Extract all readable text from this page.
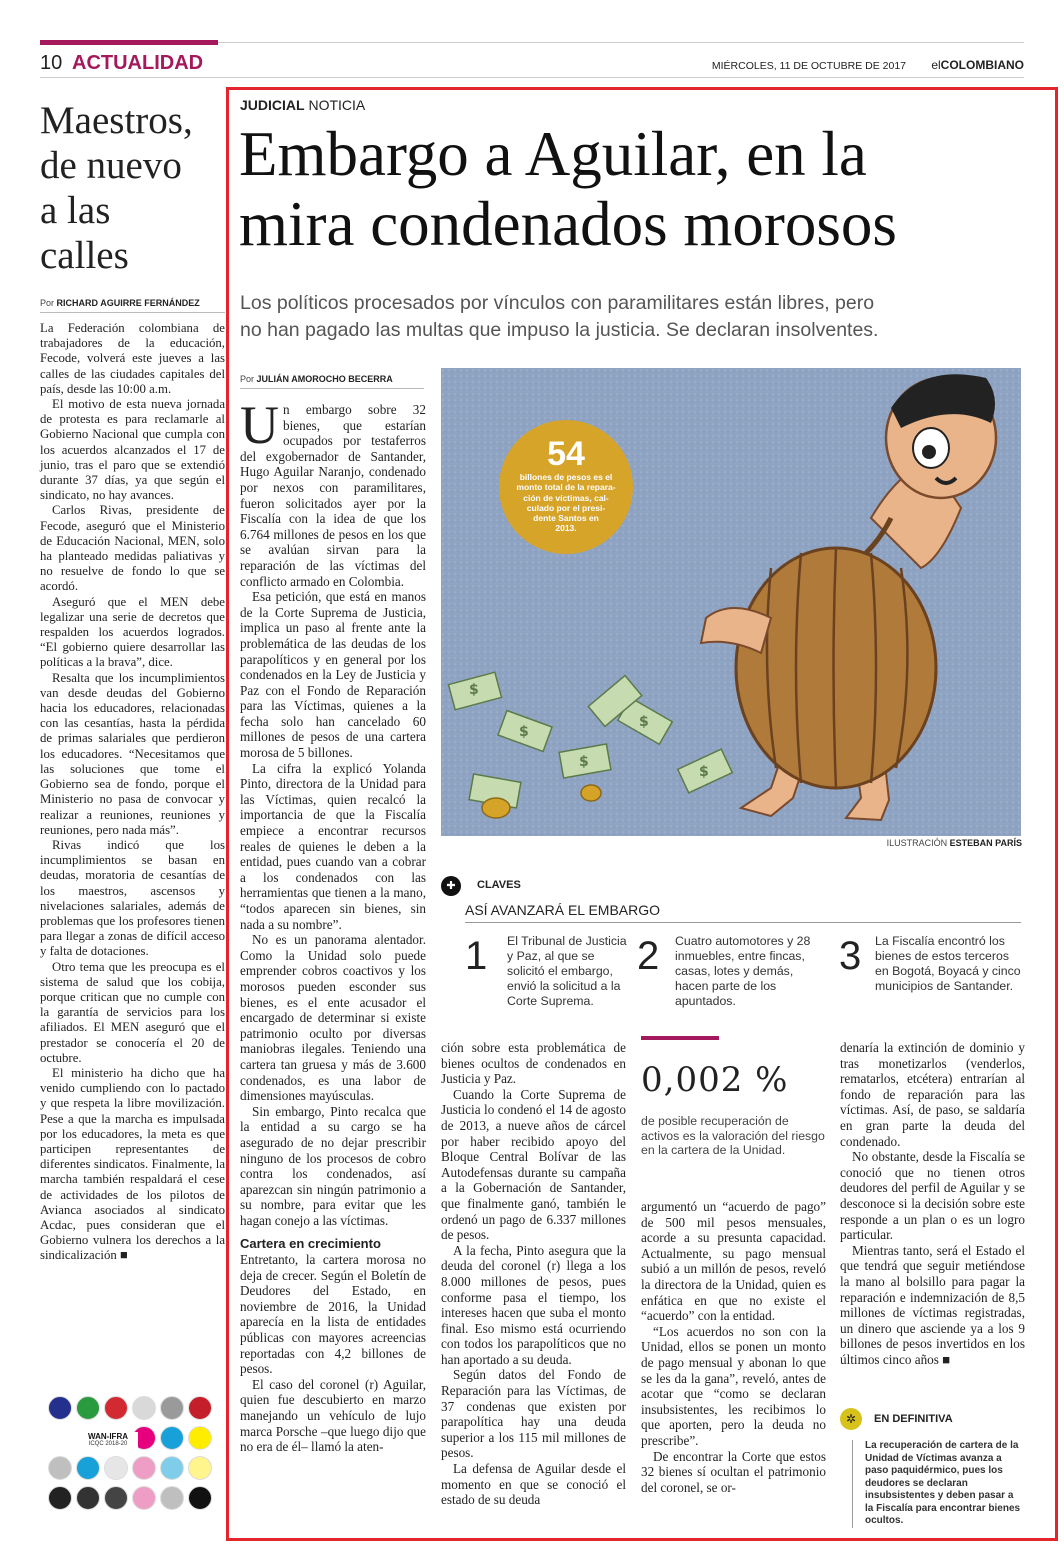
10 ACTUALIDAD	MIÉRCOLES, 11 DE OCTUBRE DE 2017 elCOLOMBIANO
Maestros,
de nuevo
a las
calles
Por RICHARD AGUIRRE FERNÁNDEZ

La Federación colombiana de trabajadores de la educación, Fecode, volverá este jueves a las calles de las ciudades capitales del país, desde las 10:00 a.m.

El motivo de esta nueva jornada de protesta es para reclamarle al Gobierno Nacional que cumpla con los acuerdos alcanzados el 17 de junio, tras el paro que se extendió durante 37 días, ya que según el sindicato, no hay avances.

Carlos Rivas, presidente de Fecode, aseguró que el Ministerio de Educación Nacional, MEN, solo ha planteado medidas paliativas y no resuelve de fondo lo que se acordó.

Aseguró que el MEN debe legalizar una serie de decretos que respalden los acuerdos logrados. “El gobierno quiere desarrollar las políticas a la brava”, dice.

Resalta que los incumplimientos van desde deudas del Gobierno hacia los educadores, relacionadas con las cesantías, hasta la pérdida de primas salariales que perdieron los educadores. “Necesitamos que las soluciones que tome el Gobierno sea de fondo, porque el Ministerio no pasa de convocar y realizar a reuniones, reuniones y reuniones, pero nada más”.

Rivas indicó que los incumplimientos se basan en deudas, moratoria de cesantías de los maestros, ascensos y nivelaciones salariales, además de problemas que los profesores tienen para llegar a zonas de difícil acceso y falta de dotaciones.

Otro tema que les preocupa es el sistema de salud que los cobija, porque critican que no cumple con la garantía de servicios para los afiliados. El MEN aseguró que el prestador se conocería el 20 de octubre.

El ministerio ha dicho que ha venido cumpliendo con lo pactado y que respeta la libre movilización. Pese a que la marcha es impulsada por los educadores, la meta es que participen representantes de diferentes sindicatos. Finalmente, la marcha también respaldará el cese de actividades de los pilotos de Avianca asociados al sindicato Acdac, pues consideran que el Gobierno vulnera los derechos a la sindicalización ■

WAN-IFRA
ICQC 2018-20
JUDICIAL NOTICIA
Embargo a Aguilar, en la
mira condenados morosos
Los políticos procesados por vínculos con paramilitares están libres, pero
no han pagado las multas que impuso la justicia. Se declaran insolventes.
Por JULIÁN AMOROCHO BECERRA
U n embargo sobre 32 bienes, que estarían ocupados por testaferros del exgobernador de Santander, Hugo Aguilar Naranjo, condenado por nexos con paramilitares, fueron solicitados ayer por la Fiscalía con la idea de que los 6.764 millones de pesos en los que se avalúan sirvan para la reparación de las víctimas del conflicto armado en Colombia.

Esa petición, que está en manos de la Corte Suprema de Justicia, implica un paso al frente ante la problemática de las deudas de los parapolíticos y en general por los condenados en la Ley de Justicia y Paz con el Fondo de Reparación para las Víctimas, quienes a la fecha solo han cancelado 60 millones de pesos de una cartera morosa de 5 billones.

La cifra la explicó Yolanda Pinto, directora de la Unidad para las Víctimas, quien recalcó la importancia de que la Fiscalía empiece a encontrar recursos reales de quienes le deben a la entidad, pues cuando van a cobrar a los condenados con las herramientas que tienen a la mano, “todos aparecen sin bienes, sin nada a su nombre”.

No es un panorama alentador. Como la Unidad solo puede emprender cobros coactivos y los morosos pueden esconder sus bienes, es el ente acusador el encargado de determinar si existe patrimonio oculto por diversas maniobras ilegales. Teniendo una cartera tan gruesa y más de 3.600 condenados, es una labor de dimensiones mayúsculas.

Sin embargo, Pinto recalca que la entidad a su cargo se ha asegurado de no dejar prescribir ninguno de los procesos de cobro contra los condenados, así aparezcan sin ningún patrimonio a su nombre, para evitar que les hagan conejo a las víctimas.

Cartera en crecimiento

Entretanto, la cartera morosa no deja de crecer. Según el Boletín de Deudores del Estado, en noviembre de 2016, la Unidad aparecía en la lista de entidades públicas con mayores acreencias reportadas con 4,2 billones de pesos.

El caso del coronel (r) Aguilar, quien fue descubierto en marzo manejando un vehículo de lujo marca Porsche –que luego dijo que no era de él– llamó la aten-

$
$
$
$
$
54
billones de pesos es el
monto total de la repara-
ción de víctimas, cal-
culado por el presi-
dente Santos en
2013.
ILUSTRACIÓN ESTEBAN PARÍS
✚	CLAVES
ASÍ AVANZARÁ EL EMBARGO
1 El Tribunal de Justicia y Paz, al que se solicitó el embargo, envió la solicitud a la Corte Suprema.
2 Cuatro automotores y 28 inmuebles, entre fincas, casas, lotes y demás, hacen parte de los apuntados.
3 La Fiscalía encontró los bienes de estos terceros en Bogotá, Boyacá y cinco municipios de Santander.

ción sobre esta problemática de bienes ocultos de condenados en Justicia y Paz.

Cuando la Corte Suprema de Justicia lo condenó el 14 de agosto de 2013, a nueve años de cárcel por haber recibido apoyo del Bloque Central Bolívar de las Autodefensas durante su campaña a la Gobernación de Santander, que finalmente ganó, también le ordenó un pago de 6.337 millones de pesos.

A la fecha, Pinto asegura que la deuda del coronel (r) llega a los 8.000 millones de pesos, pues conforme pasa el tiempo, los intereses hacen que suba el monto final. Eso mismo está ocurriendo con todos los parapolíticos que no han aportado a su deuda.

Según datos del Fondo de Reparación para las Víctimas, de 37 condenas que existen por parapolítica hay una deuda superior a los 115 mil millones de pesos.

La defensa de Aguilar desde el momento en que se conoció el estado de su deuda

0,002 %
de posible recuperación de activos es la valoración del riesgo en la cartera de la Unidad.

argumentó un “acuerdo de pago” de 500 mil pesos mensuales, acorde a su presunta capacidad. Actualmente, su pago mensual subió a un millón de pesos, reveló la directora de la Unidad, quien es enfática en que no existe el “acuerdo” con la entidad.

“Los acuerdos no son con la Unidad, ellos se ponen un monto de pago mensual y abonan lo que se les da la gana”, reveló, antes de acotar que “como se declaran insubsistentes, les recibimos lo que aporten, pero la deuda no prescribe”.

De encontrar la Corte que estos 32 bienes sí ocultan el patrimonio del coronel, se or-

denaría la extinción de dominio y tras monetizarlos (venderlos, rematarlos, etcétera) entrarían al fondo de reparación para las víctimas. Así, de paso, se saldaría en gran parte la deuda del condenado.

No obstante, desde la Fiscalía se conoció que no tienen otros deudores del perfil de Aguilar y se desconoce si la decisión sobre este responde a un plan o es un logro particular.

Mientras tanto, será el Estado el que tendrá que seguir metiéndose la mano al bolsillo para pagar la reparación e indemnización de 8,5 millones de víctimas registradas, un dinero que asciende ya a los 9 billones de pesos invertidos en los últimos cinco años ■

✲	EN DEFINITIVA
La recuperación de cartera de la Unidad de Víctimas avanza a paso paquidérmico, pues los deudores se declaran insubsistentes y deben pasar a la Fiscalía para encontrar bienes ocultos.
